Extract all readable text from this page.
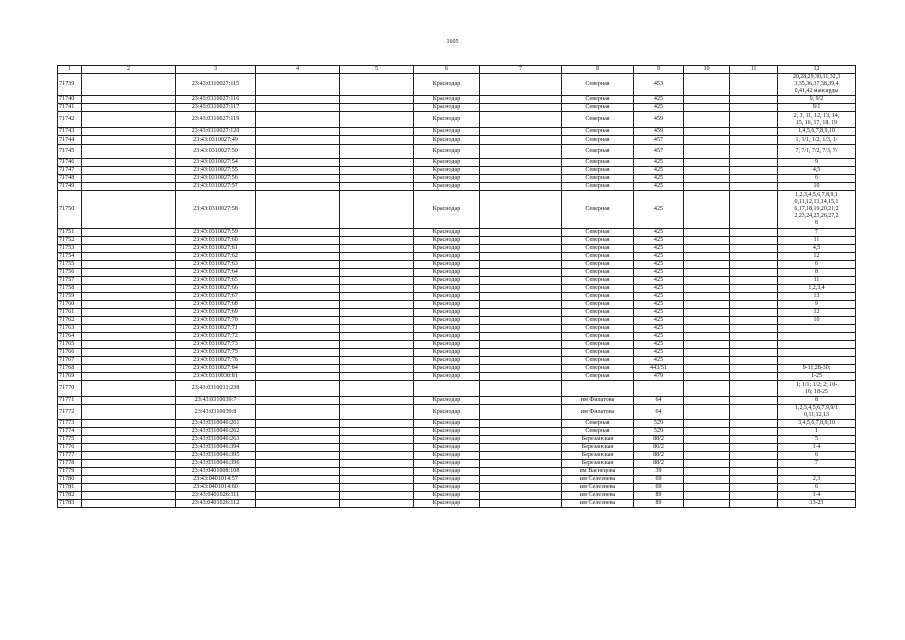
1605
1	2	3	4	5	6	7	8	9	10	11	12
71739		23:43:0310027:115			Краснодар		Северная	453			20,28,29,30,31,32,3
3,35,36,37,38,39,4
0,41,42 мансарды
71740		23:43:0310027:116			Краснодар		Северная	425			9, 9/2
71741		23:43:0310027:117			Краснодар		Северная	425			9/1
71742		23:43:0310027:119			Краснодар		Северная	459			2, 3, 11, 12, 13, 14,
15, 16, 17, 18, 19
71743		23:43:0310027:120			Краснодар		Северная	459			1,4,5,6,7,8,9,10
71744		23:43:0310027:49			Краснодар		Северная	457			1, 1/1, 1/2, 1/3, 1/
71745		23:43:0310027:50			Краснодар		Северная	457			7, 7/1, 7/2, 7/3, 7/
71746		23:43:0310027:54			Краснодар		Северная	425			9
71747		23:43:0310027:55			Краснодар		Северная	425			4,5
71748		23:43:0310027:56			Краснодар		Северная	425			6
71749		23:43:0310027:57			Краснодар		Северная	425			10
71750		23:43:0310027:58			Краснодар		Северная	425			1,2,3,4,5,6,7,8,9,1
0,11,12,13,14,15,1
6,17,18,19,20,21,2
2,23,24,25,26,27,2
8
71751		23:43:0310027:59			Краснодар		Северная	425			7
71752		23:43:0310027:60			Краснодар		Северная	425			11
71753		23:43:0310027:61			Краснодар		Северная	425			4,5
71754		23:43:0310027:62			Краснодар		Северная	425			12
71755		23:43:0310027:63			Краснодар		Северная	425			6
71756		23:43:0310027:64			Краснодар		Северная	425			8
71757		23:43:0310027:65			Краснодар		Северная	425			11
71758		23:43:0310027:66			Краснодар		Северная	425			1,2,3,4
71759		23:43:0310027:67			Краснодар		Северная	425			13
71760		23:43:0310027:68			Краснодар		Северная	425			9
71761		23:43:0310027:69			Краснодар		Северная	425			12
71762		23:43:0310027:70			Краснодар		Северная	425			10
71763		23:43:0310027:71			Краснодар		Северная	425			
71764		23:43:0310027:72			Краснодар		Северная	425			
71765		23:43:0310027:73			Краснодар		Северная	425			
71766		23:43:0310027:75			Краснодар		Северная	425			
71767		23:43:0310027:76			Краснодар		Северная	425			
71768		23:43:0310027:84			Краснодар		Северная	443/51			9-11;28-30;
71769		23:43:0310030:81			Краснодар		Северная	479			1-25
71770		23:43:0310031:238									1; 1/1; 1/2; 2; 10-
16; 18-25
71771		23:43:0310039:7			Краснодар		им Филатова	64			8
71772		23:43:0310039:8			Краснодар		им Филатова	64			1,2,3,4,5,6,7,9,9/1
0,11,12,13
71773		23:43:0310046:261			Краснодар		Северная	529			3,4,5,6,7,8,9,10
71774		23:43:0310046:262			Краснодар		Северная	529			1
71775		23:43:0310046:263			Краснодар		Березанская	88/2			5
71776		23:43:0310046:394			Краснодар		Березанская	86/2			1-4
71777		23:43:0310046:395			Краснодар		Березанская	88/2			6
71778		23:43:0310046:396			Краснодар		Березанская	88/2			7
71779		23:43:0401008:108			Краснодар		им Васнецова	39			
71780		23:43:0401014:57			Краснодар		им Селезнева	69			2,3
71781		23:43:0401014:60			Краснодар		им Селезнева	69			6
71782		23:43:0401026:111			Краснодар		им Селезнева	89			1-4
71783		23:43:0401026:112			Краснодар		им Селезнева	89			13-23
